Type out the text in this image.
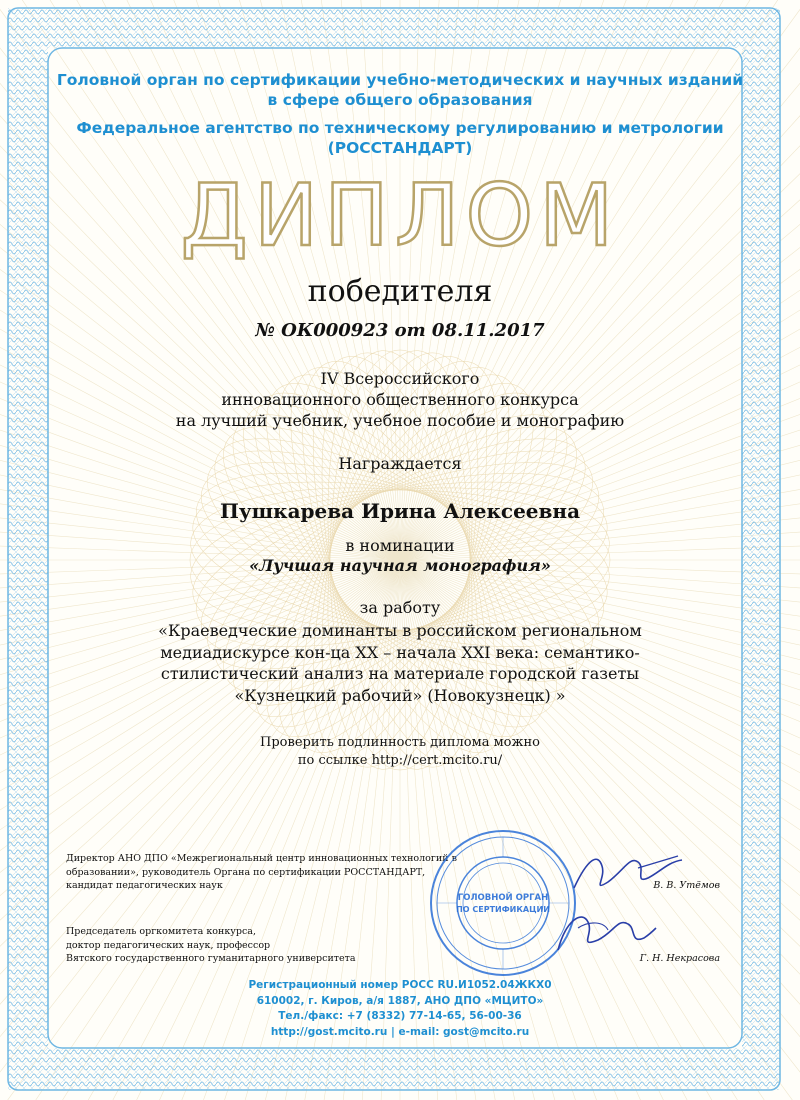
Головной орган по сертификации учебно-методических и научных изданий
в сфере общего образования
Федеральное агентство по техническому регулированию и метрологии
(РОССТАНДАРТ)
ДИПЛОМ
победителя
№ ОК000923 от 08.11.2017
IV Всероссийского
инновационного общественного конкурса
на лучший учебник, учебное пособие и монографию
Награждается
Пушкарева Ирина Алексеевна
в номинации
«Лучшая научная монография»
за работу
«Краеведческие доминанты в российском региональном
медиадискурсе кон-ца XX – начала XXI века: семантико-
стилистический анализ на материале городской газеты
«Кузнецкий рабочий» (Новокузнецк) »
Проверить подлинность диплома можно
по ссылке http://cert.mcito.ru/
Директор АНО ДПО «Межрегиональный центр инновационных технологий в
образовании», руководитель Органа по сертификации РОССТАНДАРТ,
кандидат педагогических наук	В. В. Утёмов
Председатель оргкомитета конкурса,
доктор педагогических наук, профессор
Вятского государственного гуманитарного университета	Г. Н. Некрасова
ГОЛОВНОЙ ОРГАН
ПО СЕРТИФИКАЦИИ
Регистрационный номер РОСС RU.И1052.04ЖКХ0
610002, г. Киров, а/я 1887, АНО ДПО «МЦИТО»
Тел./факс: +7 (8332) 77-14-65, 56-00-36
http://gost.mcito.ru | e-mail: gost@mcito.ru
